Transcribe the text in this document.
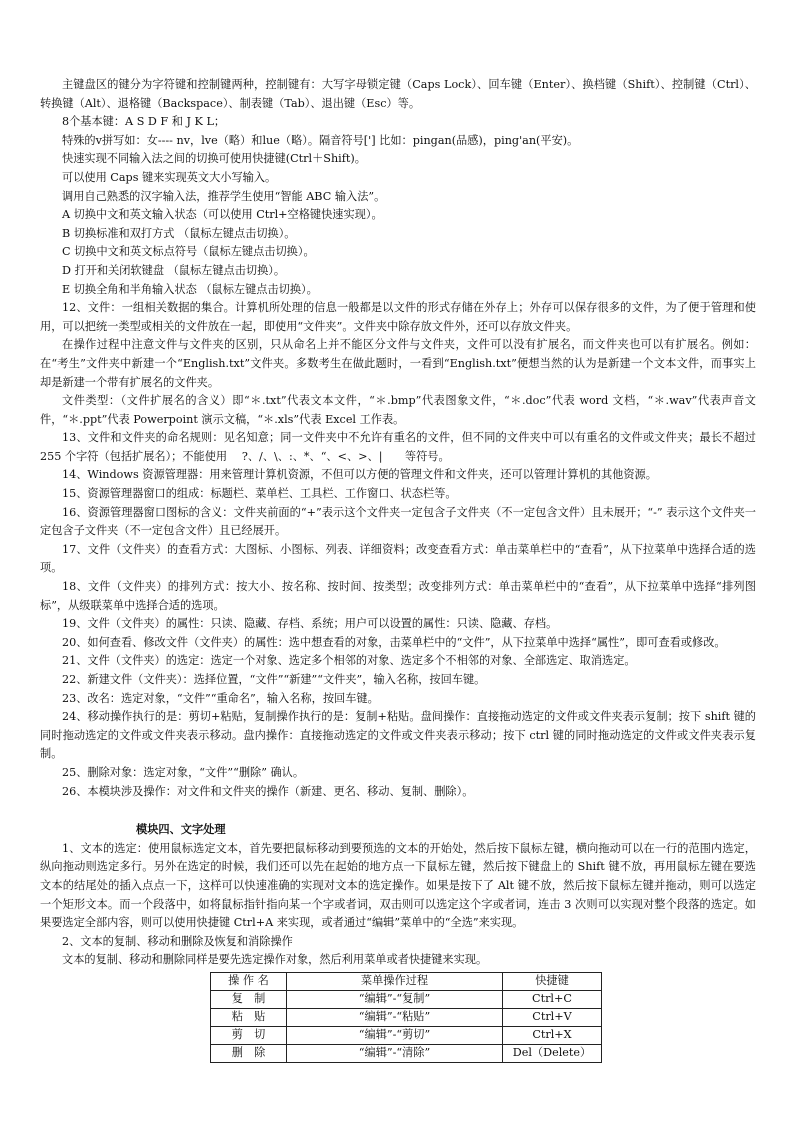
主键盘区的键分为字符键和控制键两种，控制键有：大写字母锁定键（Caps Lock）、回车键（Enter）、换档键（Shift）、控制键（Ctrl）、转换键（Alt）、退格键（Backspace）、制表键（Tab）、退出键（Esc）等。

8个基本键：A S D F 和 J K L；

特殊的v拼写如：女---- nv，lve（略）和lue（略）。隔音符号['] 比如：pingan(品感)，ping'an(平安)。

快速实现不同输入法之间的切换可使用快捷键(Ctrl＋Shift)。

可以使用 Caps 键来实现英文大小写输入。

调用自己熟悉的汉字输入法，推荐学生使用“智能 ABC 输入法”。

A 切换中文和英文输入状态（可以使用 Ctrl+空格键快速实现）。

B 切换标准和双打方式 （鼠标左键点击切换）。

C 切换中文和英文标点符号（鼠标左键点击切换）。

D 打开和关闭软键盘 （鼠标左键点击切换）。

E 切换全角和半角输入状态 （鼠标左键点击切换）。

12、文件：一组相关数据的集合。计算机所处理的信息一般都是以文件的形式存储在外存上；外存可以保存很多的文件，为了便于管理和使用，可以把统一类型或相关的文件放在一起，即使用“文件夹”。文件夹中除存放文件外，还可以存放文件夹。

在操作过程中注意文件与文件夹的区别，只从命名上并不能区分文件与文件夹，文件可以没有扩展名，而文件夹也可以有扩展名。例如：在“考生”文件夹中新建一个“English.txt”文件夹。多数考生在做此题时，一看到“English.txt”便想当然的认为是新建一个文本文件，而事实上却是新建一个带有扩展名的文件夹。

文件类型：（文件扩展名的含义）即“＊.txt”代表文本文件，“＊.bmp”代表图象文件，“＊.doc”代表 word 文档，“＊.wav”代表声音文件，“＊.ppt”代表 Powerpoint 演示文稿，“＊.xls”代表 Excel 工作表。

13、文件和文件夹的命名规则：见名知意；同一文件夹中不允许有重名的文件，但不同的文件夹中可以有重名的文件或文件夹；最长不超过 255 个字符（包括扩展名）；不能使用　 ?、/、\、:、*、“、<、>、|　　等符号。

14、Windows 资源管理器：用来管理计算机资源，不但可以方便的管理文件和文件夹，还可以管理计算机的其他资源。

15、资源管理器窗口的组成：标题栏、菜单栏、工具栏、工作窗口、状态栏等。

16、资源管理器窗口图标的含义：文件夹前面的“+”表示这个文件夹一定包含子文件夹（不一定包含文件）且未展开；“-” 表示这个文件夹一定包含子文件夹（不一定包含文件）且已经展开。

17、文件（文件夹）的查看方式：大图标、小图标、列表、详细资料；改变查看方式：单击菜单栏中的“查看”，从下拉菜单中选择合适的选项。

18、文件（文件夹）的排列方式：按大小、按名称、按时间、按类型；改变排列方式：单击菜单栏中的“查看”，从下拉菜单中选择“排列图标”，从级联菜单中选择合适的选项。

19、文件（文件夹）的属性：只读、隐藏、存档、系统；用户可以设置的属性：只读、隐藏、存档。

20、如何查看、修改文件（文件夹）的属性：选中想查看的对象，击菜单栏中的“文件”，从下拉菜单中选择“属性”，即可查看或修改。

21、文件（文件夹）的选定：选定一个对象、选定多个相邻的对象、选定多个不相邻的对象、全部选定、取消选定。

22、新建文件（文件夹）：选择位置，“文件”“新建”“文件夹”，输入名称，按回车键。

23、改名：选定对象，“文件”“重命名”，输入名称，按回车键。

24、移动操作执行的是：剪切+粘贴，复制操作执行的是：复制+粘贴。盘间操作：直接拖动选定的文件或文件夹表示复制；按下 shift 键的同时拖动选定的文件或文件夹表示移动。盘内操作：直接拖动选定的文件或文件夹表示移动；按下 ctrl 键的同时拖动选定的文件或文件夹表示复制。

25、删除对象：选定对象，“文件”“删除” 确认。

26、本模块涉及操作：对文件和文件夹的操作（新建、更名、移动、复制、删除）。

模块四、文字处理

1、文本的选定：使用鼠标选定文本，首先要把鼠标移动到要预选的文本的开始处，然后按下鼠标左键，横向拖动可以在一行的范围内选定，纵向拖动则选定多行。另外在选定的时候，我们还可以先在起始的地方点一下鼠标左键，然后按下键盘上的 Shift 键不放，再用鼠标左键在要选文本的结尾处的插入点点一下，这样可以快速准确的实现对文本的选定操作。如果是按下了 Alt 键不放，然后按下鼠标左键并拖动，则可以选定一个矩形文本。而一个段落中，如将鼠标指针指向某一个字或者词，双击则可以选定这个字或者词，连击 3 次则可以实现对整个段落的选定。如果要选定全部内容，则可以使用快捷键 Ctrl+A 来实现，或者通过“编辑”菜单中的“全选”来实现。

2、文本的复制、移动和删除及恢复和消除操作

文本的复制、移动和删除同样是要先选定操作对象，然后利用菜单或者快捷键来实现。

操 作 名	菜单操作过程	快捷键
复　制	“编辑”-“复制”	Ctrl+C
粘　贴	“编辑”-“粘贴”	Ctrl+V
剪　切	“编辑”-“剪切”	Ctrl+X
删　除	“编辑”-“清除”	Del（Delete）
